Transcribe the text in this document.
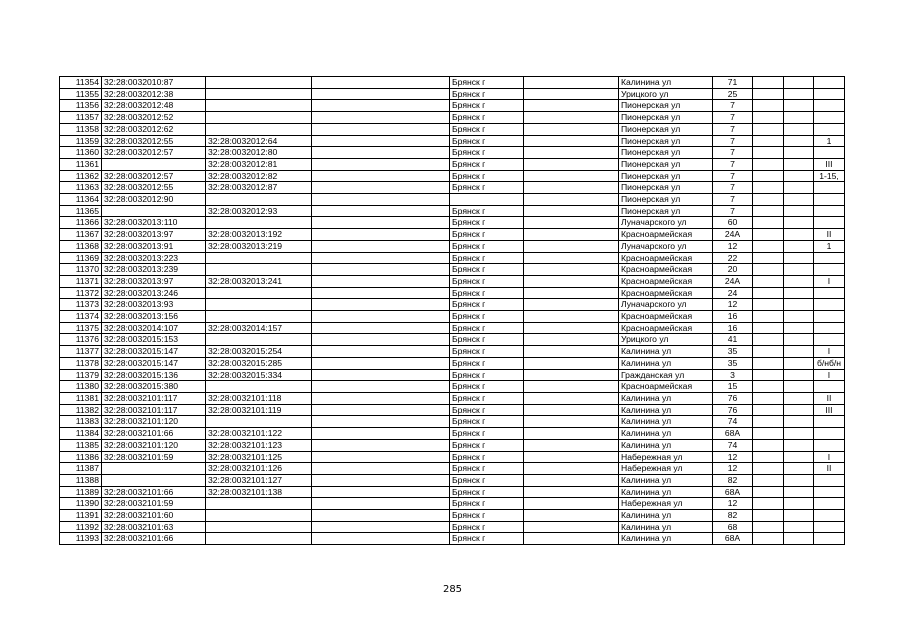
11354	32:28:0032010:87			Брянск г		Калинина ул	71			
11355	32:28:0032012:38			Брянск г		Урицкого ул	25			
11356	32:28:0032012:48			Брянск г		Пионерская ул	7			
11357	32:28:0032012:52			Брянск г		Пионерская ул	7			
11358	32:28:0032012:62			Брянск г		Пионерская ул	7			
11359	32:28:0032012:55	32:28:0032012:64		Брянск г		Пионерская ул	7			1
11360	32:28:0032012:57	32:28:0032012:80		Брянск г		Пионерская ул	7			
11361		32:28:0032012:81		Брянск г		Пионерская ул	7			III
11362	32:28:0032012:57	32:28:0032012:82		Брянск г		Пионерская ул	7			1-15,
11363	32:28:0032012:55	32:28:0032012:87		Брянск г		Пионерская ул	7			
11364	32:28:0032012:90					Пионерская ул	7			
11365		32:28:0032012:93		Брянск г		Пионерская ул	7			
11366	32:28:0032013:110			Брянск г		Луначарского ул	60			
11367	32:28:0032013:97	32:28:0032013:192		Брянск г		Красноармейская	24А			II
11368	32:28:0032013:91	32:28:0032013:219		Брянск г		Луначарского ул	12			1
11369	32:28:0032013:223			Брянск г		Красноармейская	22			
11370	32:28:0032013:239			Брянск г		Красноармейская	20			
11371	32:28:0032013:97	32:28:0032013:241		Брянск г		Красноармейская	24А			I
11372	32:28:0032013:246			Брянск г		Красноармейская	24			
11373	32:28:0032013:93			Брянск г		Луначарского ул	12			
11374	32:28:0032013:156			Брянск г		Красноармейская	16			
11375	32:28:0032014:107	32:28:0032014:157		Брянск г		Красноармейская	16			
11376	32:28:0032015:153			Брянск г		Урицкого ул	41			
11377	32:28:0032015:147	32:28:0032015:254		Брянск г		Калинина ул	35			I
11378	32:28:0032015:147	32:28:0032015:285		Брянск г		Калинина ул	35			б/нб/н
11379	32:28:0032015:136	32:28:0032015:334		Брянск г		Гражданская ул	3			I
11380	32:28:0032015:380			Брянск г		Красноармейская	15			
11381	32:28:0032101:117	32:28:0032101:118		Брянск г		Калинина ул	76			II
11382	32:28:0032101:117	32:28:0032101:119		Брянск г		Калинина ул	76			III
11383	32:28:0032101:120			Брянск г		Калинина ул	74			
11384	32:28:0032101:66	32:28:0032101:122		Брянск г		Калинина ул	68А			
11385	32:28:0032101:120	32:28:0032101:123		Брянск г		Калинина ул	74			
11386	32:28:0032101:59	32:28:0032101:125		Брянск г		Набережная ул	12			I
11387		32:28:0032101:126		Брянск г		Набережная ул	12			II
11388		32:28:0032101:127		Брянск г		Калинина ул	82			
11389	32:28:0032101:66	32:28:0032101:138		Брянск г		Калинина ул	68А			
11390	32:28:0032101:59			Брянск г		Набережная ул	12			
11391	32:28:0032101:60			Брянск г		Калинина ул	82			
11392	32:28:0032101:63			Брянск г		Калинина ул	68			
11393	32:28:0032101:66			Брянск г		Калинина ул	68А			
285
